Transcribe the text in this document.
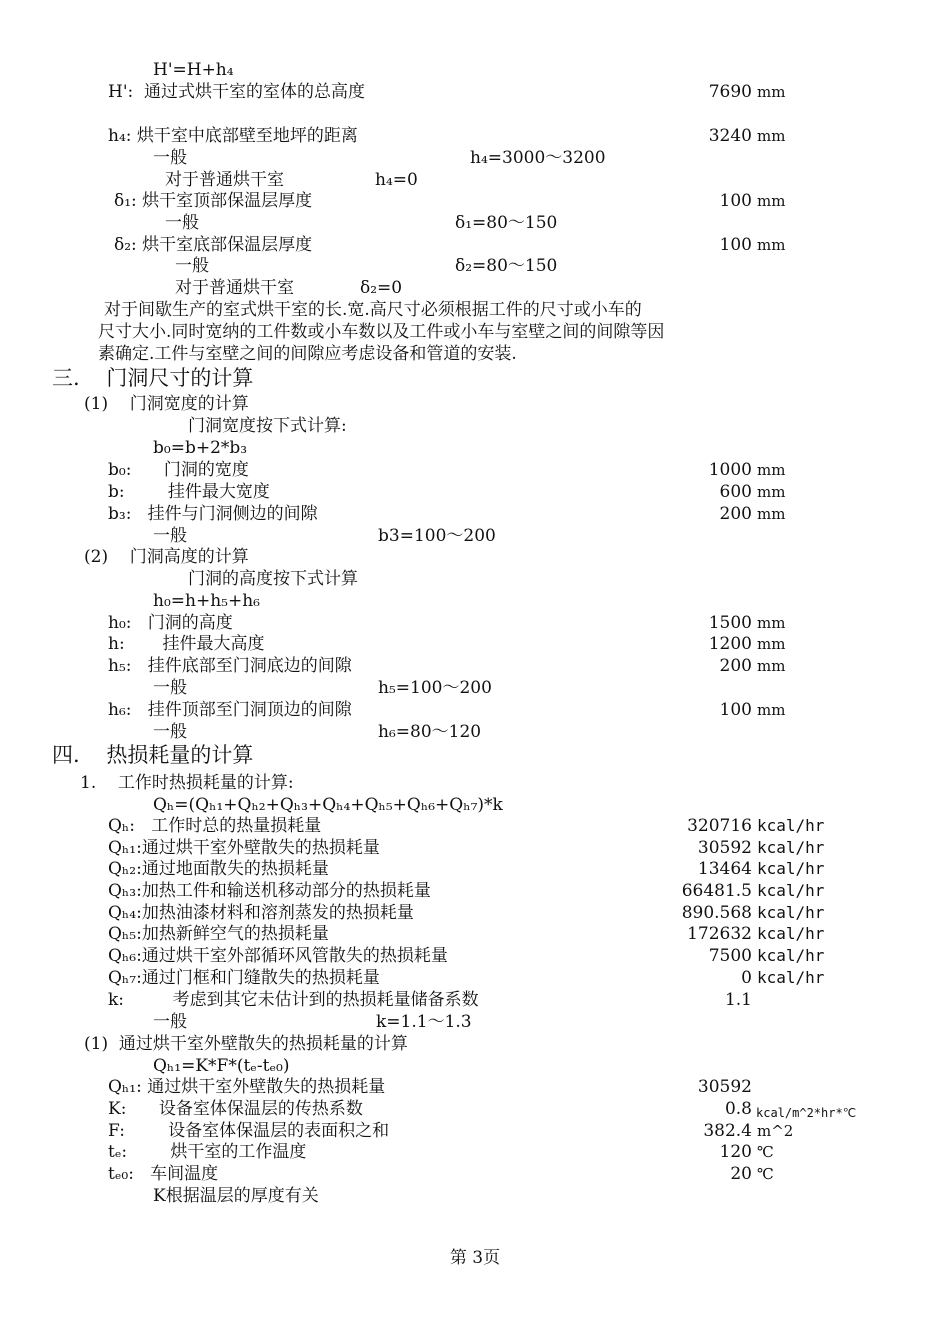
H'=H+h₄
H':  通过式烘干室的室体的总高度	7690 mm
h₄: 烘干室中底部壁至地坪的距离	3240 mm
一般	h₄=3000～3200
对于普通烘干室	h₄=0
δ₁: 烘干室顶部保温层厚度	100 mm
一般	δ₁=80～150
δ₂: 烘干室底部保温层厚度	100 mm
一般	δ₂=80～150
对于普通烘干室	δ₂=0
对于间歇生产的室式烘干室的长.宽.高尺寸必须根据工件的尺寸或小车的
尺寸大小.同时宽纳的工件数或小车数以及工件或小车与室壁之间的间隙等因
素确定.工件与室壁之间的间隙应考虑设备和管道的安装.
三.    门洞尺寸的计算
(1)    门洞宽度的计算
门洞宽度按下式计算:
b₀=b+2*b₃
b₀:      门洞的宽度	1000 mm
b:        挂件最大宽度	600 mm
b₃:   挂件与门洞侧边的间隙	200 mm
一般	b3=100～200
(2)    门洞高度的计算
门洞的高度按下式计算
h₀=h+h₅+h₆
h₀:   门洞的高度	1500 mm
h:       挂件最大高度	1200 mm
h₅:   挂件底部至门洞底边的间隙	200 mm
一般	h₅=100～200
h₆:   挂件顶部至门洞顶边的间隙	100 mm
一般	h₆=80～120
四.    热损耗量的计算
1.    工作时热损耗量的计算:
Qₕ=(Qₕ₁+Qₕ₂+Qₕ₃+Qₕ₄+Qₕ₅+Qₕ₆+Qₕ₇)*k
Qₕ:   工作时总的热量损耗量	320716 kcal/hr
Qₕ₁:通过烘干室外壁散失的热损耗量	30592 kcal/hr
Qₕ₂:通过地面散失的热损耗量	13464 kcal/hr
Qₕ₃:加热工件和输送机移动部分的热损耗量	66481.5 kcal/hr
Qₕ₄:加热油漆材料和溶剂蒸发的热损耗量	890.568 kcal/hr
Qₕ₅:加热新鲜空气的热损耗量	172632 kcal/hr
Qₕ₆:通过烘干室外部循环风管散失的热损耗量	7500 kcal/hr
Qₕ₇:通过门框和门缝散失的热损耗量	0 kcal/hr
k:         考虑到其它未估计到的热损耗量储备系数	1.1
一般	k=1.1～1.3
(1)  通过烘干室外壁散失的热损耗量的计算
Qₕ₁=K*F*(tₑ-tₑ₀)
Qₕ₁: 通过烘干室外壁散失的热损耗量	30592
K:      设备室体保温层的传热系数	0.8 kcal/m^2*hr*℃
F:        设备室体保温层的表面积之和	382.4 m^2
tₑ:        烘干室的工作温度	120 ℃
tₑ₀:   车间温度	20 ℃
K根据温层的厚度有关
第 3页
